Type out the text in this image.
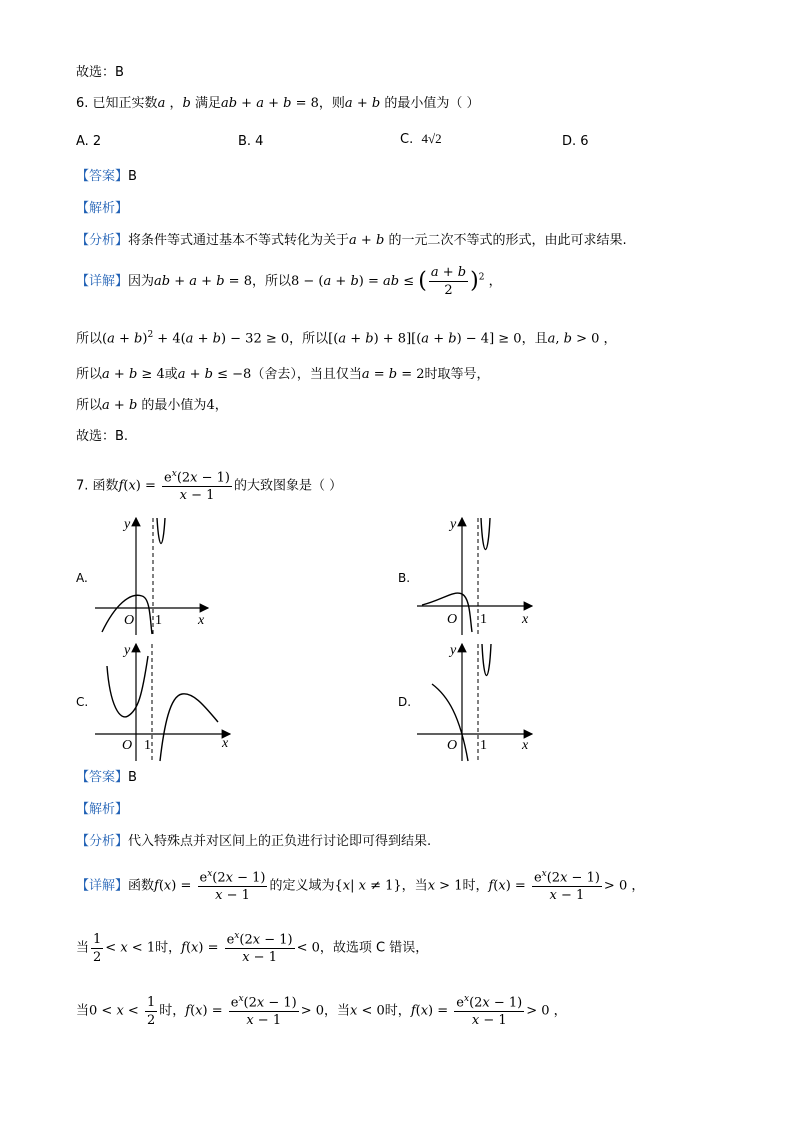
故选：B
6. 已知正实数a ，b 满足ab + a + b = 8，则a + b 的最小值为（ ）
A. 2	B. 4	C. 4√2	D. 6
【答案】B
【解析】
【分析】将条件等式通过基本不等式转化为关于a + b 的一元二次不等式的形式，由此可求结果.
【详解】因为ab + a + b = 8，所以8 − (a + b) = ab ≤ ( $\frac{a + b}{2} )^2$ ，
所以$(a + b)^2 + 4(a + b) - 32 \ge 0$，所以[(a + b) + 8][(a + b) − 4] ≥ 0，且a, b > 0 ，
所以a + b ≥ 4或a + b ≤ −8（舍去），当且仅当a = b = 2时取等号，
所以a + b 的最小值为4，
故选：B.
7. 函数$f(x) = \frac{e^x(2x - 1)}{x - 1}$ 的大致图象是（ ）
A.	B.
C.	D.
y
O 1	x
y
O 1	x
y
O 1	x
y
O 1	x
【答案】B
【解析】
【分析】代入特殊点并对区间上的正负进行讨论即可得到结果.
【详解】函数$f(x) = \frac{e^x(2x - 1)}{x - 1}$ 的定义域为{x| x ≠ 1}，当x > 1时，$f(x) = \frac{e^x(2x - 1)}{x - 1} > 0$ ，
当 $\frac{1}{2} < x < 1$时，$f(x) = \frac{e^x(2x - 1)}{x - 1} < 0$，故选项 C 错误，
当$0 < x < \frac{1}{2}$ 时，$f(x) = \frac{e^x(2x - 1)}{x - 1} > 0$，当x < 0时，$f(x) = \frac{e^x(2x - 1)}{x - 1} > 0$ ，
